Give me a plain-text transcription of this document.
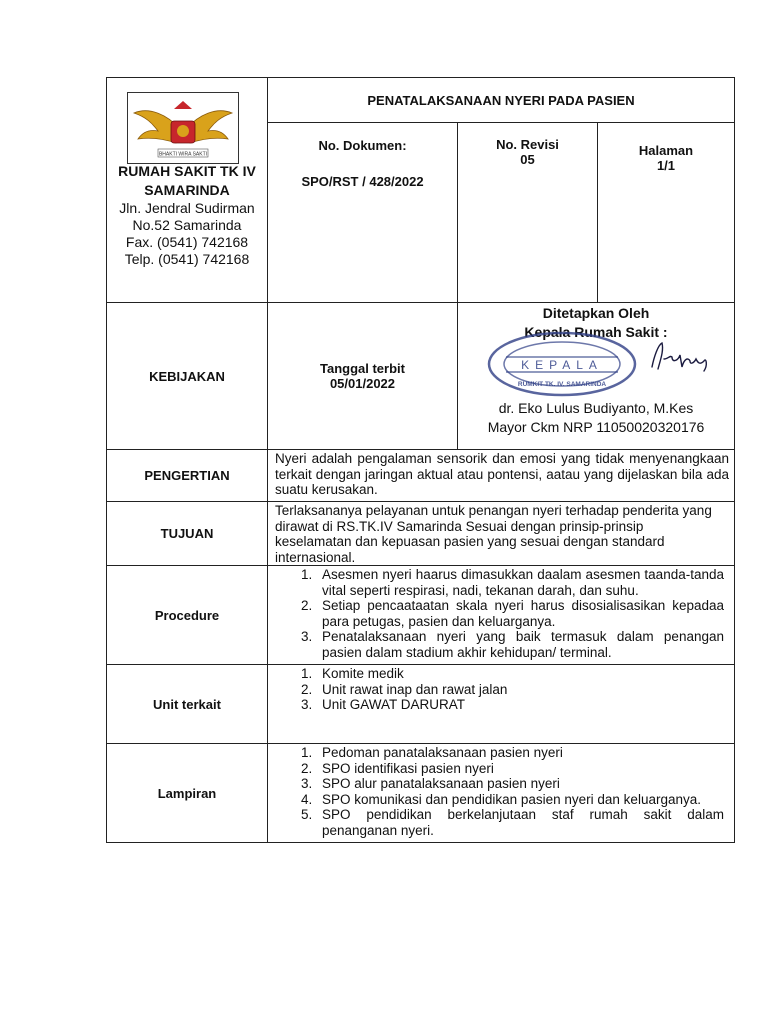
BHAKTI WIRA SAKTI
RUMAH SAKIT TK IV SAMARINDA
Jln. Jendral Sudirman
No.52 Samarinda
Fax. (0541) 742168
Telp. (0541) 742168
PENATALAKSANAAN NYERI PADA PASIEN
No. Dokumen:
SPO/RST / 428/2022
No. Revisi
05
Halaman
1/1
KEBIJAKAN	Tanggal terbit
05/01/2022
Ditetapkan Oleh
Kepala Rumah Sakit :
KEPALA
RUMKIT TK. IV. SAMARINDA
dr. Eko Lulus Budiyanto, M.Kes
Mayor Ckm NRP 11050020320176
PENGERTIAN
Nyeri adalah pengalaman sensorik dan emosi yang tidak menyenangkaan terkait dengan jaringan aktual atau pontensi, aatau yang dijelaskan bila ada suatu kerusakan.
TUJUAN
Terlaksananya pelayanan untuk penangan nyeri terhadap penderita yang dirawat di RS.TK.IV Samarinda Sesuai dengan prinsip-prinsip keselamatan dan kepuasan pasien yang sesuai dengan standard internasional.
Procedure
1. Asesmen nyeri haarus dimasukkan daalam asesmen taanda-tanda vital seperti respirasi, nadi, tekanan darah, dan suhu.
2. Setiap pencaataatan skala nyeri harus disosialisasikan kepadaa para petugas, pasien dan keluarganya.
3. Penatalaksanaan nyeri yang baik termasuk dalam penangan pasien dalam stadium akhir kehidupan/ terminal.
Unit terkait
1. Komite medik
2. Unit rawat inap dan rawat jalan
3. Unit GAWAT DARURAT
Lampiran
1. Pedoman panatalaksanaan pasien nyeri
2. SPO identifikasi pasien nyeri
3. SPO alur panatalaksanaan pasien nyeri
4. SPO komunikasi dan pendidikan pasien nyeri dan keluarganya.
5. SPO pendidikan berkelanjutaan staf rumah sakit dalam penanganan nyeri.
